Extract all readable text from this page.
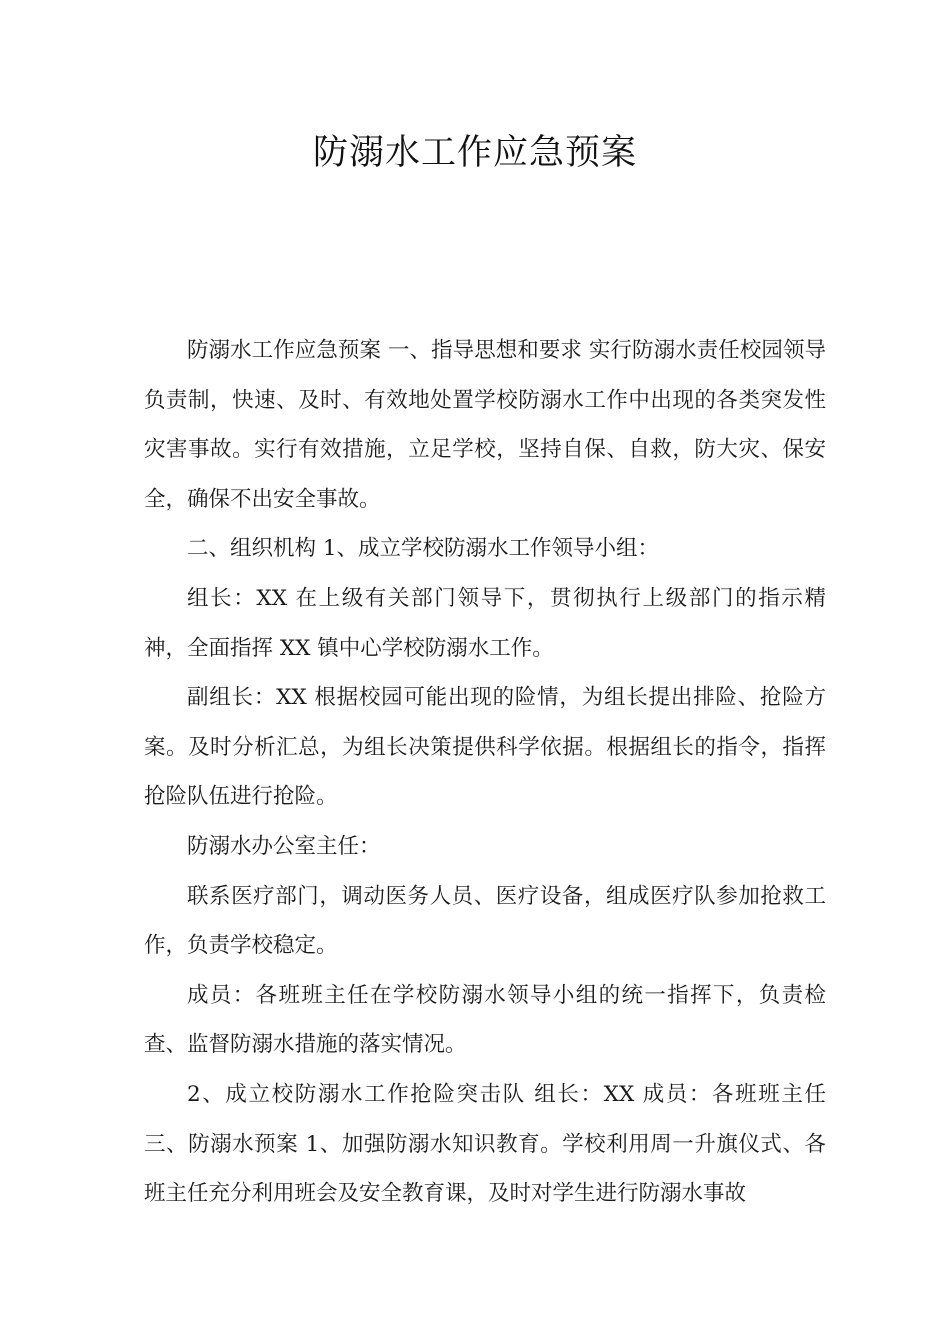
防溺水工作应急预案

防溺水工作应急预案 一、指导思想和要求 实行防溺水责任校园领导负责制，快速、及时、有效地处置学校防溺水工作中出现的各类突发性灾害事故。实行有效措施，立足学校，坚持自保、自救，防大灾、保安全，确保不出安全事故。

二、组织机构 1、成立学校防溺水工作领导小组：

组长：XX 在上级有关部门领导下，贯彻执行上级部门的指示精神，全面指挥 XX 镇中心学校防溺水工作。

副组长：XX 根据校园可能出现的险情，为组长提出排险、抢险方案。及时分析汇总，为组长决策提供科学依据。根据组长的指令，指挥抢险队伍进行抢险。

防溺水办公室主任：

联系医疗部门，调动医务人员、医疗设备，组成医疗队参加抢救工作，负责学校稳定。

成员：各班班主任在学校防溺水领导小组的统一指挥下，负责检查、监督防溺水措施的落实情况。

2、成立校防溺水工作抢险突击队 组长：XX 成员：各班班主任 三、防溺水预案 1、加强防溺水知识教育。学校利用周一升旗仪式、各班主任充分利用班会及安全教育课，及时对学生进行防溺水事故
